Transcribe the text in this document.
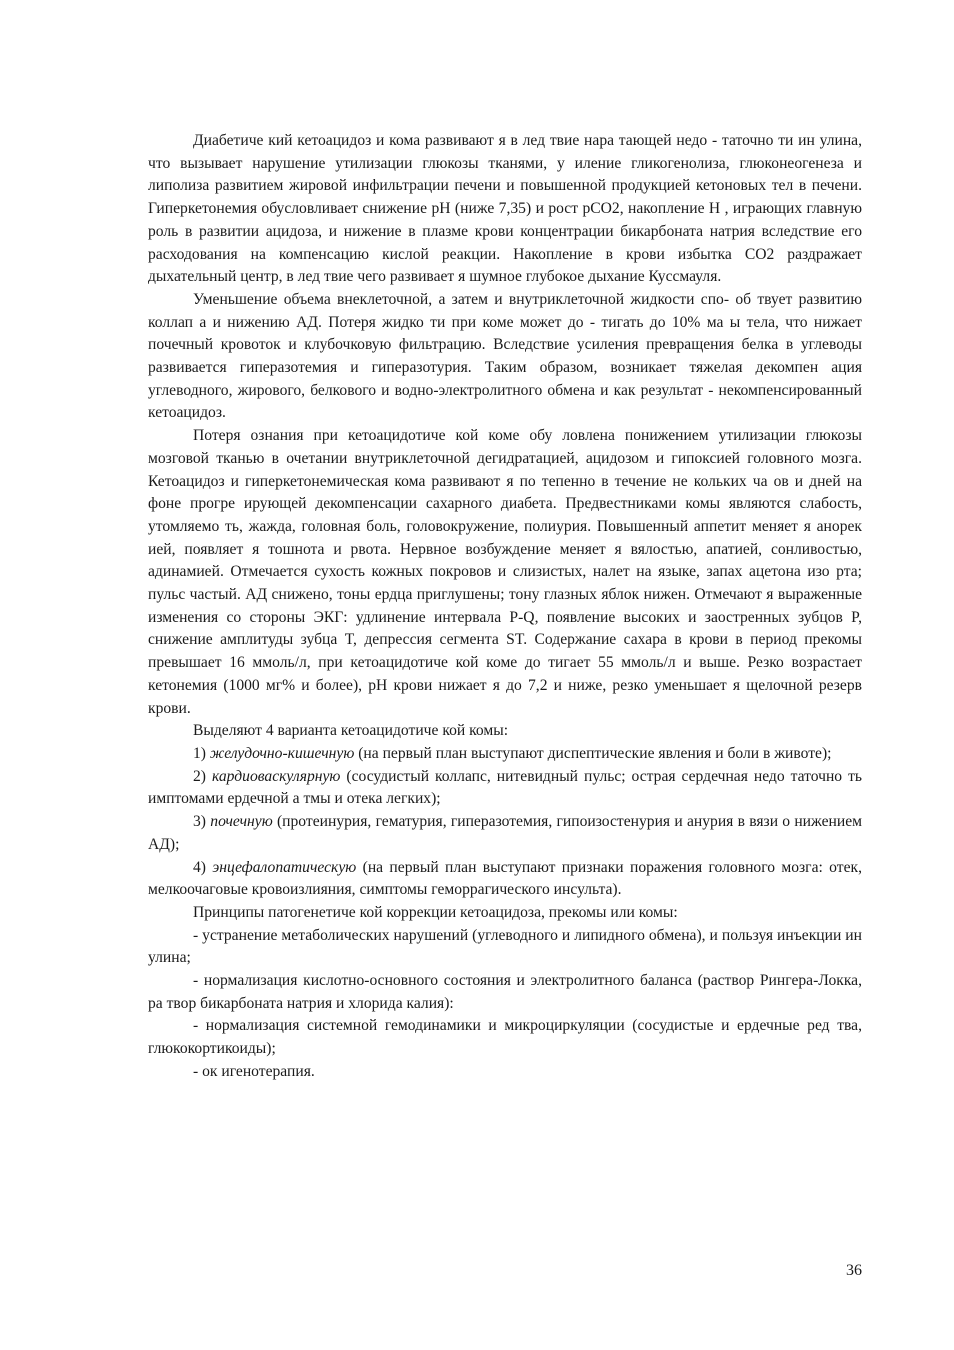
Диабетиче кий кетоацидоз и кома развивают я в лед твие нара тающей недо - таточно ти ин улина, что вызывает нарушение утилизации глюкозы тканями, у иление гликогенолиза, глюконеогенеза и липолиза развитием жировой инфильтрации печени и повышенной продукцией кетоновых тел в печени. Гиперкетонемия обусловливает снижение pH (ниже 7,35) и рост pCO2, накопление H , играющих главную роль в развитии ацидоза, и нижение в плазме крови концентрации бикарбоната натрия вследствие его расходования на компенсацию кислой реакции. Накопление в крови избытка CO2 раздражает дыхательный центр, в лед твие чего развивает я шумное глубокое дыхание Куссмауля.

Уменьшение объема внеклеточной, а затем и внутриклеточной жидкости спо- об твует развитию коллап а и нижению АД. Потеря жидко ти при коме может до - тигать до 10% ма ы тела, что нижает почечный кровоток и клубочковую фильтрацию. Вследствие усиления превращения белка в углеводы развивается гиперазотемия и гиперазотурия. Таким образом, возникает тяжелая декомпен ация углеводного, жирового, белкового и водно-электролитного обмена и как результат - некомпенсированный кетоацидоз.

Потеря ознания при кетоацидотиче кой коме обу ловлена понижением утилизации глюкозы мозговой тканью в очетании внутриклеточной дегидратацией, ацидозом и гипоксией головного мозга. Кетоацидоз и гиперкетонемическая кома развивают я по тепенно в течение не кольких ча ов и дней на фоне прогре ирующей декомпенсации сахарного диабета. Предвестниками комы являются слабость, утомляемо ть, жажда, головная боль, головокружение, полиурия. Повышенный аппетит меняет я анорек ией, появляет я тошнота и рвота. Нервное возбуждение меняет я вялостью, апатией, сонливостью, адинамией. Отмечается сухость кожных покровов и слизистых, налет на языке, запах ацетона изо рта; пульс частый. АД снижено, тоны ердца приглушены; тону глазных яблок нижен. Отмечают я выраженные изменения со стороны ЭКГ: удлинение интервала P-Q, появление высоких и заостренных зубцов P, снижение амплитуды зубца T, депрессия сегмента ST. Содержание сахара в крови в период прекомы превышает 16 ммоль/л, при кетоацидотиче кой коме до тигает 55 ммоль/л и выше. Резко возрастает кетонемия (1000 мг% и более), pH крови нижает я до 7,2 и ниже, резко уменьшает я щелочной резерв крови.

Выделяют 4 варианта кетоацидотиче кой комы:

1) желудочно-кишечную (на первый план выступают диспептические явления и боли в животе);

2) кардиоваскулярную (сосудистый коллапс, нитевидный пульс; острая сердечная недо таточно ть имптомами ердечной а тмы и отека легких);

3) почечную (протеинурия, гематурия, гиперазотемия, гипоизостенурия и анурия в вязи о нижением АД);

4) энцефалопатическую (на первый план выступают признаки поражения головного мозга: отек, мелкоочаговые кровоизлияния, симптомы геморрагического инсульта).

Принципы патогенетиче кой коррекции кетоацидоза, прекомы или комы:

- устранение метаболических нарушений (углеводного и липидного обмена), и пользуя инъекции ин улина;

- нормализация кислотно-основного состояния и электролитного баланса (раствор Рингера-Локка, ра твор бикарбоната натрия и хлорида калия):

- нормализация системной гемодинамики и микроциркуляции (сосудистые и ердечные ред тва, глюкокортикоиды);

- ок игенотерапия.

36
